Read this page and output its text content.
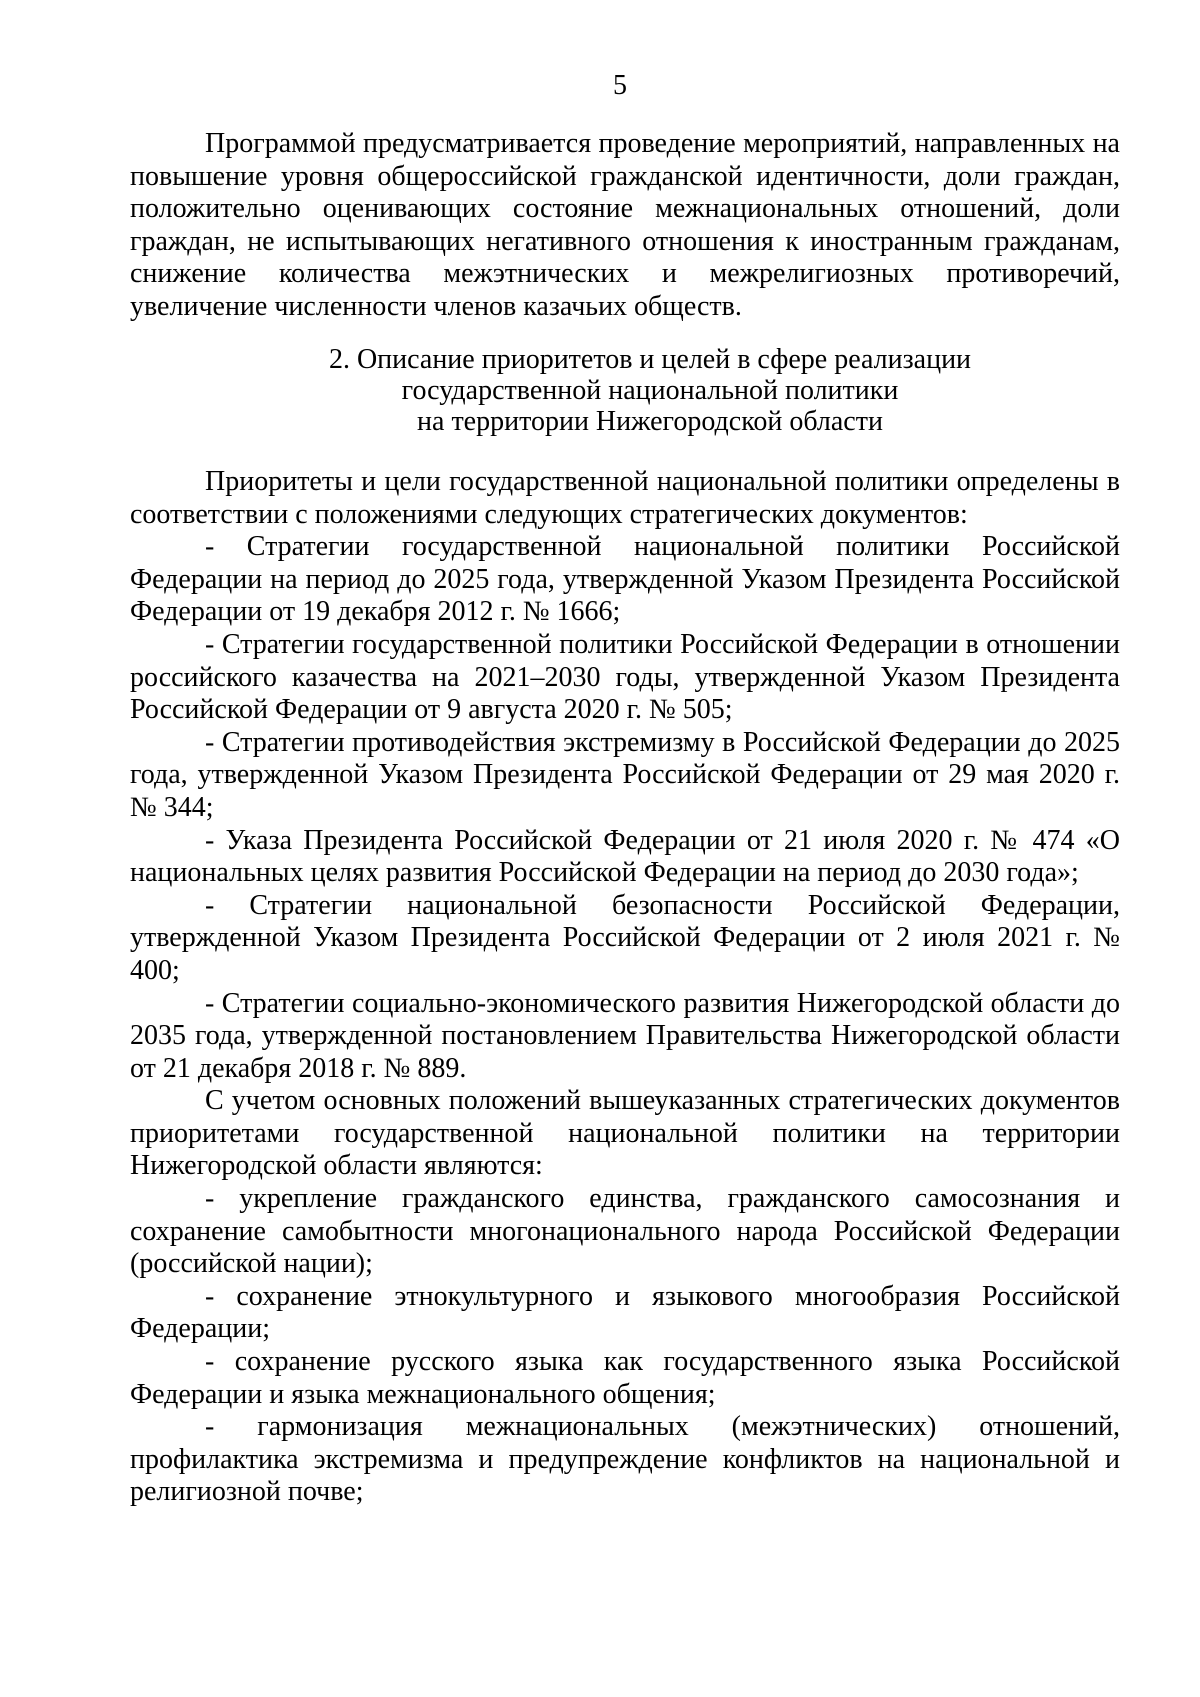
5

Программой предусматривается проведение мероприятий, направленных на повышение уровня общероссийской гражданской идентичности, доли граждан, положительно оценивающих состояние межнациональных отношений, доли граждан, не испытывающих негативного отношения к иностранным гражданам, снижение количества межэтнических и межрелигиозных противоречий, увеличение численности членов казачьих обществ.

2. Описание приоритетов и целей в сфере реализации
государственной национальной политики
на территории Нижегородской области

Приоритеты и цели государственной национальной политики определены в соответствии с положениями следующих стратегических документов:

- Стратегии государственной национальной политики Российской Федерации на период до 2025 года, утвержденной Указом Президента Российской Федерации от 19 декабря 2012 г. № 1666;

- Стратегии государственной политики Российской Федерации в отношении российского казачества на 2021–2030 годы, утвержденной Указом Президента Российской Федерации от 9 августа 2020 г. № 505;

- Стратегии противодействия экстремизму в Российской Федерации до 2025 года, утвержденной Указом Президента Российской Федерации от 29 мая 2020 г. № 344;

- Указа Президента Российской Федерации от 21 июля 2020 г. № 474 «О национальных целях развития Российской Федерации на период до 2030 года»;

- Стратегии национальной безопасности Российской Федерации, утвержденной Указом Президента Российской Федерации от 2 июля 2021 г. № 400;

- Стратегии социально-экономического развития Нижегородской области до 2035 года, утвержденной постановлением Правительства Нижегородской области от 21 декабря 2018 г. № 889.

С учетом основных положений вышеуказанных стратегических документов приоритетами государственной национальной политики на территории Нижегородской области являются:

- укрепление гражданского единства, гражданского самосознания и сохранение самобытности многонационального народа Российской Федерации (российской нации);

- сохранение этнокультурного и языкового многообразия Российской Федерации;

- сохранение русского языка как государственного языка Российской Федерации и языка межнационального общения;

- гармонизация межнациональных (межэтнических) отношений, профилактика экстремизма и предупреждение конфликтов на национальной и религиозной почве;
